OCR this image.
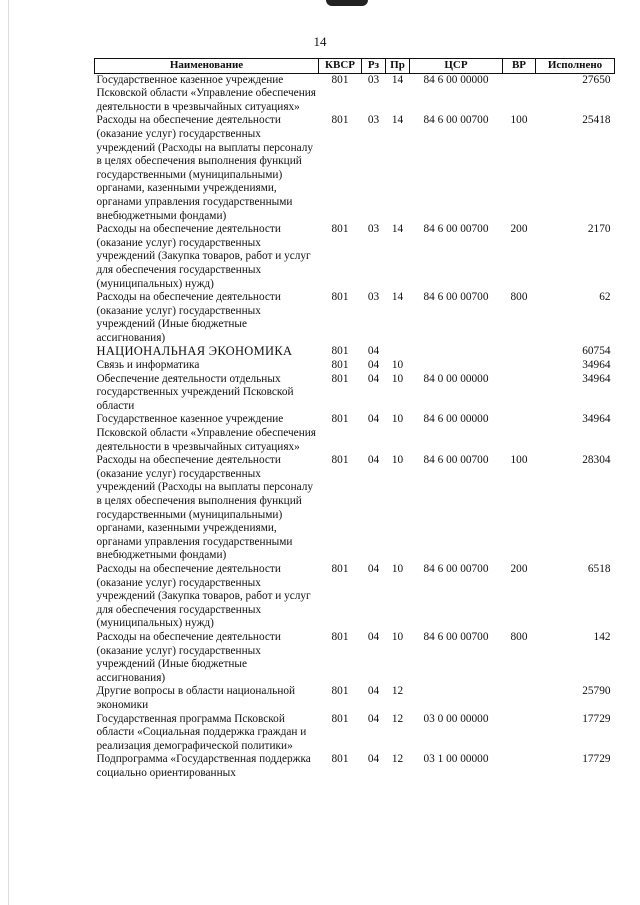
14
Наименование	КВСР	Рз	Пр	ЦСР	ВР	Исполнено
Государственное казенное учреждение Псковской области «Управление обеспечения деятельности в чрезвычайных ситуациях»	801	03	14	84 6 00 00000		27650
Расходы на обеспечение деятельности (оказание услуг) государственных учреждений (Расходы на выплаты персоналу в целях обеспечения выполнения функций государственными (муниципальными) органами, казенными учреждениями, органами управления государственными внебюджетными фондами)	801	03	14	84 6 00 00700	100	25418
Расходы на обеспечение деятельности (оказание услуг) государственных учреждений (Закупка товаров, работ и услуг для обеспечения государственных (муниципальных) нужд)	801	03	14	84 6 00 00700	200	2170
Расходы на обеспечение деятельности (оказание услуг) государственных учреждений (Иные бюджетные ассигнования)	801	03	14	84 6 00 00700	800	62
НАЦИОНАЛЬНАЯ ЭКОНОМИКА	801	04				60754
Связь и информатика	801	04	10			34964
Обеспечение деятельности отдельных государственных учреждений Псковской области	801	04	10	84 0 00 00000		34964
Государственное казенное учреждение Псковской области «Управление обеспечения деятельности в чрезвычайных ситуациях»	801	04	10	84 6 00 00000		34964
Расходы на обеспечение деятельности (оказание услуг) государственных учреждений (Расходы на выплаты персоналу в целях обеспечения выполнения функций государственными (муниципальными) органами, казенными учреждениями, органами управления государственными внебюджетными фондами)	801	04	10	84 6 00 00700	100	28304
Расходы на обеспечение деятельности (оказание услуг) государственных учреждений (Закупка товаров, работ и услуг для обеспечения государственных (муниципальных) нужд)	801	04	10	84 6 00 00700	200	6518
Расходы на обеспечение деятельности (оказание услуг) государственных учреждений (Иные бюджетные ассигнования)	801	04	10	84 6 00 00700	800	142
Другие вопросы в области национальной экономики	801	04	12			25790
Государственная программа Псковской области «Социальная поддержка граждан и реализация демографической политики»	801	04	12	03 0 00 00000		17729
Подпрограмма «Государственная поддержка социально ориентированных	801	04	12	03 1 00 00000		17729
